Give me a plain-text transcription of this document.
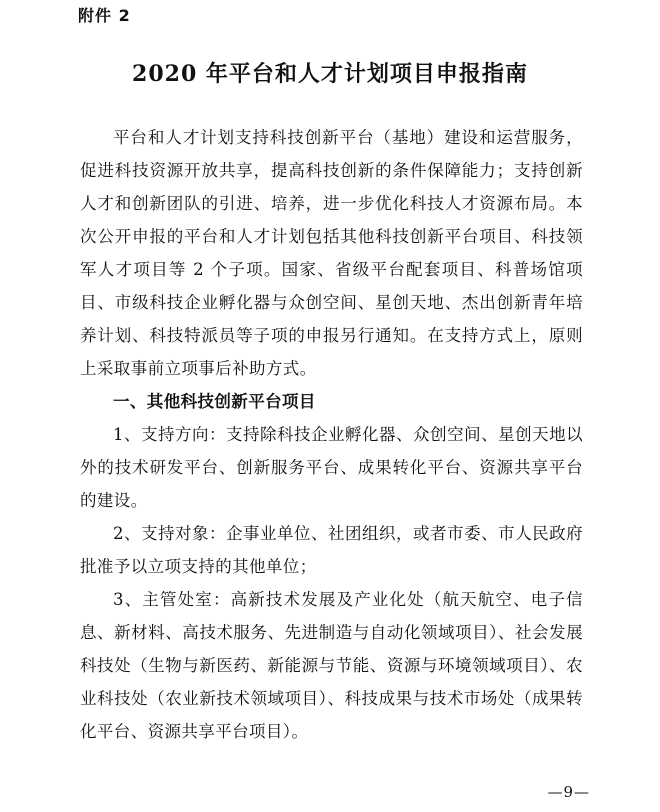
附件 2
2020 年平台和人才计划项目申报指南

平台和人才计划支持科技创新平台（基地）建设和运营服务，促进科技资源开放共享，提高科技创新的条件保障能力；支持创新人才和创新团队的引进、培养，进一步优化科技人才资源布局。本次公开申报的平台和人才计划包括其他科技创新平台项目、科技领军人才项目等 2 个子项。国家、省级平台配套项目、科普场馆项目、市级科技企业孵化器与众创空间、星创天地、杰出创新青年培养计划、科技特派员等子项的申报另行通知。在支持方式上，原则上采取事前立项事后补助方式。

一、其他科技创新平台项目

1、支持方向：支持除科技企业孵化器、众创空间、星创天地以外的技术研发平台、创新服务平台、成果转化平台、资源共享平台的建设。

2、支持对象：企事业单位、社团组织，或者市委、市人民政府批准予以立项支持的其他单位；

3、主管处室：高新技术发展及产业化处（航天航空、电子信息、新材料、高技术服务、先进制造与自动化领域项目）、社会发展科技处（生物与新医药、新能源与节能、资源与环境领域项目）、农业科技处（农业新技术领域项目）、科技成果与技术市场处（成果转化平台、资源共享平台项目）。

—9—
